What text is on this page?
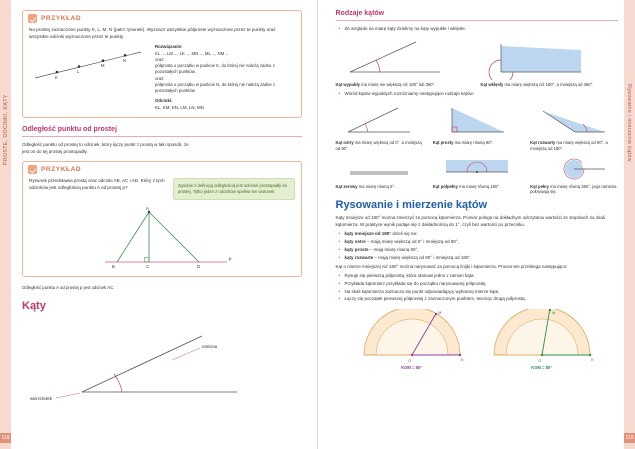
PROSTE, ODCINKI, KĄTY
118
PRZYKŁAD
Na prostej zaznaczono punkty K, L, M, N (patrz rysunek). Wyznacz wszystkie półproste wyznaczone przez te punkty oraz wszystkie odcinki wyznaczone przez te punkty.
K
L
M
N
Rozwiązanie:
KL→, LM→, LK→, MN→, ML→, NM→
oraz:
półprosta o początku w punkcie K, do której nie należą żadne z pozostałych punktów,
oraz:
półprosta o początku w punkcie N, do której nie należą żadne z pozostałych punktów.
Odcinki:
KL, KM, KN, LM, LN, MN
Odległość punktu od prostej
Odległość punktu od prostej to odcinek, który łączy punkt z prostą w taki sposób, że jest on do tej prostej prostopadły.
PRZYKŁAD
Rysunek przedstawia prostą oraz odcinki AB, AC i AD. Który z tych odcinków jest odległością punktu A od prostej p?	Zgodnie z definicją odległością jest odcinek prostopadły do prostej. Tylko jeden z odcinków spełnia ten warunek.
A
B	C	D
p
Odległość punktu A od prostej p jest odcinek AC.
Kąty
ramiona
wierzchołek
Rysowanie i mierzenie kątów
119
Rodzaje kątów
• Ze względu na miarę kąty dzielimy na kąty wypukłe i wklęsłe.
Kąt wypukły ma miarę nie większą niż 180° lub 360°.	Kąt wklęsły ma miarę większą niż 180°, a mniejszą od 360°.
• Wśród kątów wypukłych rozróżniamy następujące rodzaje kątów:
Kąt ostry ma miarę większą od 0°, a mniejszą od 90°.
Kąt prosty ma miarę równą 90°.	Kąt rozwarty ma miarę większą od 90°, a mniejszą od 180°.
Kąt zerowy ma miarę równą 0°.	Kąt półpełny ma miarę równą 180°.	Kąt pełny ma miarę równą 360°, jego ramiona pokrywają się.
Rysowanie i mierzenie kątów
Kąty mniejsze od 180° można zmierzyć za pomocą kątomierza. Pomiar polega na dokładnym odczytaniu wartości ze stopniach na skali kątomierza. W praktyce wynik podaje się z dokładnością do 1°, czyli bez wartości po przecinku.
• kąty mniejsze od 180° dzieli się na:
• kąty ostre – mają miarę większą od 0° i mniejszą od 90°,
• kąty proste – mają miarę równą 90°,
• kąty rozwarte – mają miarę większą od 90° i mniejszą od 180°.
Kąt o mierze mniejszej niż 180° można narysować za pomocą linijki i kątomierza. Proces ten przebiega następująco:
• Rysuje się pierwszą półprostą, która stanowi jedno z ramion kąta.
• Przykłada kątomierz przykłada się do początku narysowanej półprostej.
• Na skali kątomierza zaznacza się punkt odpowiadający wybranej mierze kąta.
• Łączy się początek pierwszej półprostej z zaznaczonym punktem, tworząc drugą półprostą.
O
M
K
KOM = 60°
O
M
K
KOM = 80°
